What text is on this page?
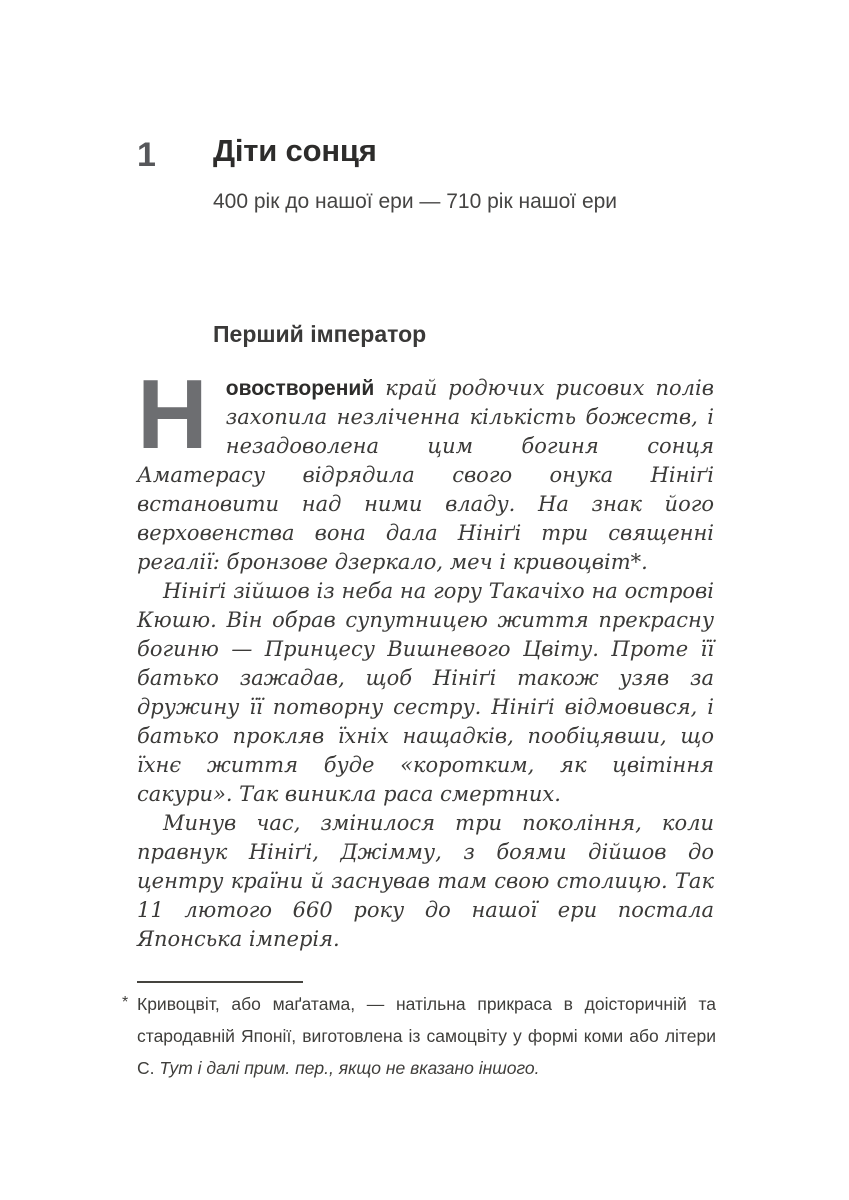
1 Діти сонця
400 рік до нашої ери — 710 рік нашої ери
Перший імператор

Новостворений край родючих рисових полів захопила незліченна кількість божеств, і незадоволена цим богиня сонця Аматерасу відрядила свого онука Нініґі встановити над ними владу. На знак його верховенства вона дала Нініґі три священні регалії: бронзове дзеркало, меч і кривоцвіт*.

Нініґі зійшов із неба на гору Такачіхо на острові Кюшю. Він обрав супутницею життя прекрасну богиню — Принцесу Вишневого Цвіту. Проте її батько зажадав, щоб Нініґі також узяв за дружину її потворну сестру. Нініґі відмовився, і батько прокляв їхніх нащадків, пообіцявши, що їхнє життя буде «коротким, як цвітіння сакури». Так виникла раса смертних.

Минув час, змінилося три покоління, коли правнук Нініґі, Джімму, з боями дійшов до центру країни й заснував там свою столицю. Так 11 лютого 660 року до нашої ери постала Японська імперія.

* Кривоцвіт, або маґатама, — натільна прикраса в доісторичній та стародавній Японії, виготовлена із самоцвіту у формі коми або літери С. Тут і далі прим. пер., якщо не вказано іншого.
